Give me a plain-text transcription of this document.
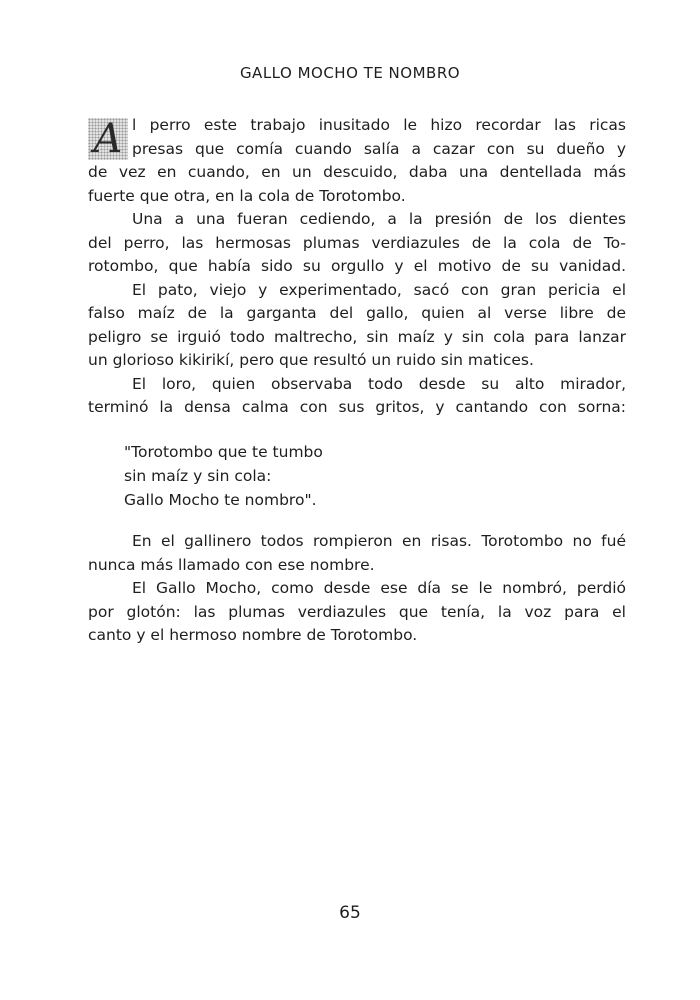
GALLO MOCHO TE NOMBRO
A l perro este trabajo inusitado le hizo recordar las ricas
presas que comía cuando salía a cazar con su dueño y
de vez en cuando, en un descuido, daba una dentellada más
fuerte que otra, en la cola de Torotombo.
Una a una fueran cediendo, a la presión de los dientes
del perro, las hermosas plumas verdiazules de la cola de To-
rotombo, que había sido su orgullo y el motivo de su vanidad.
El pato, viejo y experimentado, sacó con gran pericia el
falso maíz de la garganta del gallo, quien al verse libre de
peligro se irguió todo maltrecho, sin maíz y sin cola para lanzar
un glorioso kikirikí, pero que resultó un ruido sin matices.
El loro, quien observaba todo desde su alto mirador,
terminó la densa calma con sus gritos, y cantando con sorna:
"Torotombo que te tumbo
sin maíz y sin cola:
Gallo Mocho te nombro".
En el gallinero todos rompieron en risas. Torotombo no fué
nunca más llamado con ese nombre.
El Gallo Mocho, como desde ese día se le nombró, perdió
por glotón: las plumas verdiazules que tenía, la voz para el
canto y el hermoso nombre de Torotombo.
65
